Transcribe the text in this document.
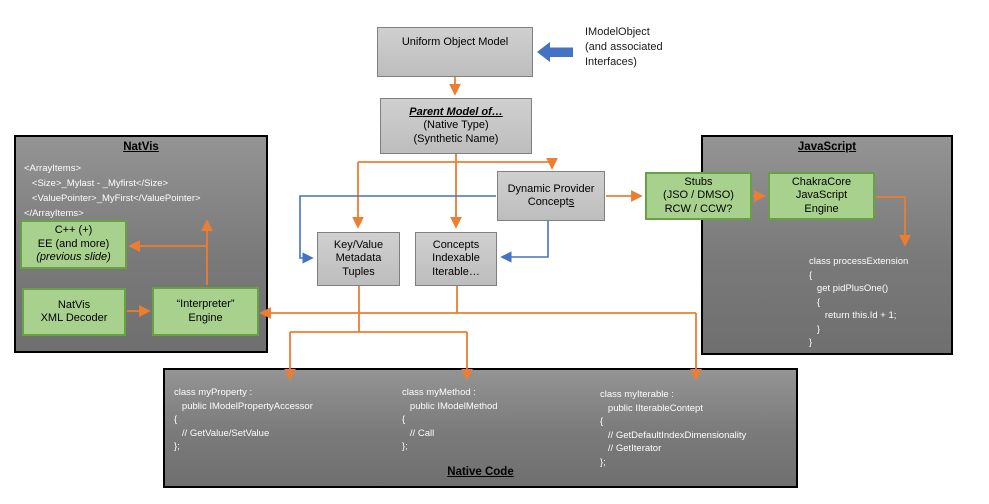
Uniform Object Model
IModelObject
(and associated
Interfaces)
Parent Model of…
(Native Type)
(Synthetic Name)
NatVis
<ArrayItems>
<Size>_Mylast - _Myfirst</Size>
<ValuePointer>_MyFirst</ValuePointer>
</ArrayItems>
C++ (+)
EE (and more)
(previous slide)
NatVis
XML Decoder
“Interpreter”
Engine
Key/Value
Metadata
Tuples
Concepts
Indexable
Iterable…
Dynamic Provider
Concepts
Stubs
(JSO / DMSO)
RCW / CCW?
JavaScript
class processExtension
{
get pidPlusOne()
{
return this.Id + 1;
}
}
ChakraCore
JavaScript
Engine
class myProperty :
public IModelPropertyAccessor
{
// GetValue/SetValue
};
class myMethod :
public IModelMethod
{
// Call
};
class myIterable :
public IIterableContept
{
// GetDefaultIndexDimensionality
// GetIterator
};
Native Code
